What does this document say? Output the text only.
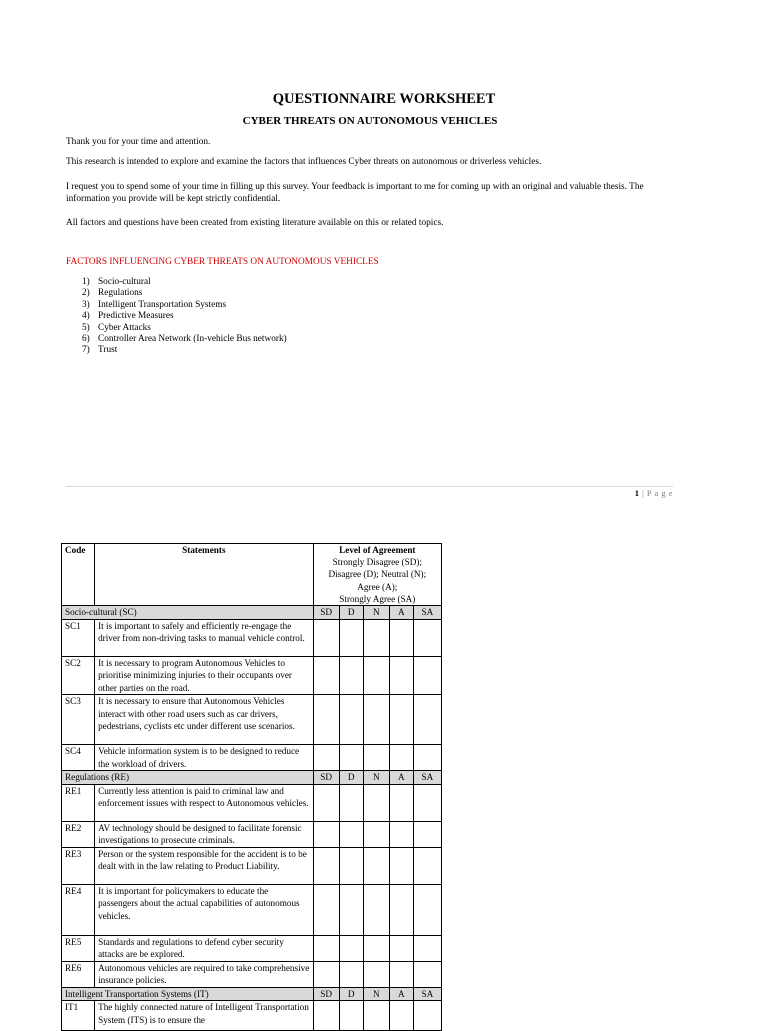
QUESTIONNAIRE WORKSHEET
CYBER THREATS ON AUTONOMOUS VEHICLES
Thank you for your time and attention.
This research is intended to explore and examine the factors that influences Cyber threats on autonomous or driverless vehicles.
I request you to spend some of your time in filling up this survey. Your feedback is important to me for coming up with an original and valuable thesis. The information you provide will be kept strictly confidential.
All factors and questions have been created from existing literature available on this or related topics.
FACTORS INFLUENCING CYBER THREATS ON AUTONOMOUS VEHICLES
1) Socio-cultural
2) Regulations
3) Intelligent Transportation Systems
4) Predictive Measures
5) Cyber Attacks
6) Controller Area Network (In-vehicle Bus network)
7) Trust
1 | P a g e
Code	Statements	Level of Agreement
Strongly Disagree (SD);
Disagree (D); Neutral (N);
Agree (A);
Strongly Agree (SA)				

Socio-cultural (SC)		SD	D	N	A	SA
SC1	It is important to safely and efficiently re-engage the driver from non-driving tasks to manual vehicle control.					
SC2	It is necessary to program Autonomous Vehicles to prioritise minimizing injuries to their occupants over other parties on the road.					
SC3	It is necessary to ensure that Autonomous Vehicles interact with other road users such as car drivers, pedestrians, cyclists etc under different use scenarios.					
SC4	Vehicle information system is to be designed to reduce the workload of drivers.					
Regulations (RE)		SD	D	N	A	SA
RE1	Currently less attention is paid to criminal law and enforcement issues with respect to Autonomous vehicles.					
RE2	AV technology should be designed to facilitate forensic investigations to prosecute criminals.					
RE3	Person or the system responsible for the accident is to be dealt with in the law relating to Product Liability.					
RE4	It is important for policymakers to educate the passengers about the actual capabilities of autonomous vehicles.					
RE5	Standards and regulations to defend cyber security attacks are be explored.					
RE6	Autonomous vehicles are required to take comprehensive insurance policies.					
Intelligent Transportation Systems (IT)		SD	D	N	A	SA
IT1	The highly connected nature of Intelligent Transportation System (ITS) is to ensure the					
